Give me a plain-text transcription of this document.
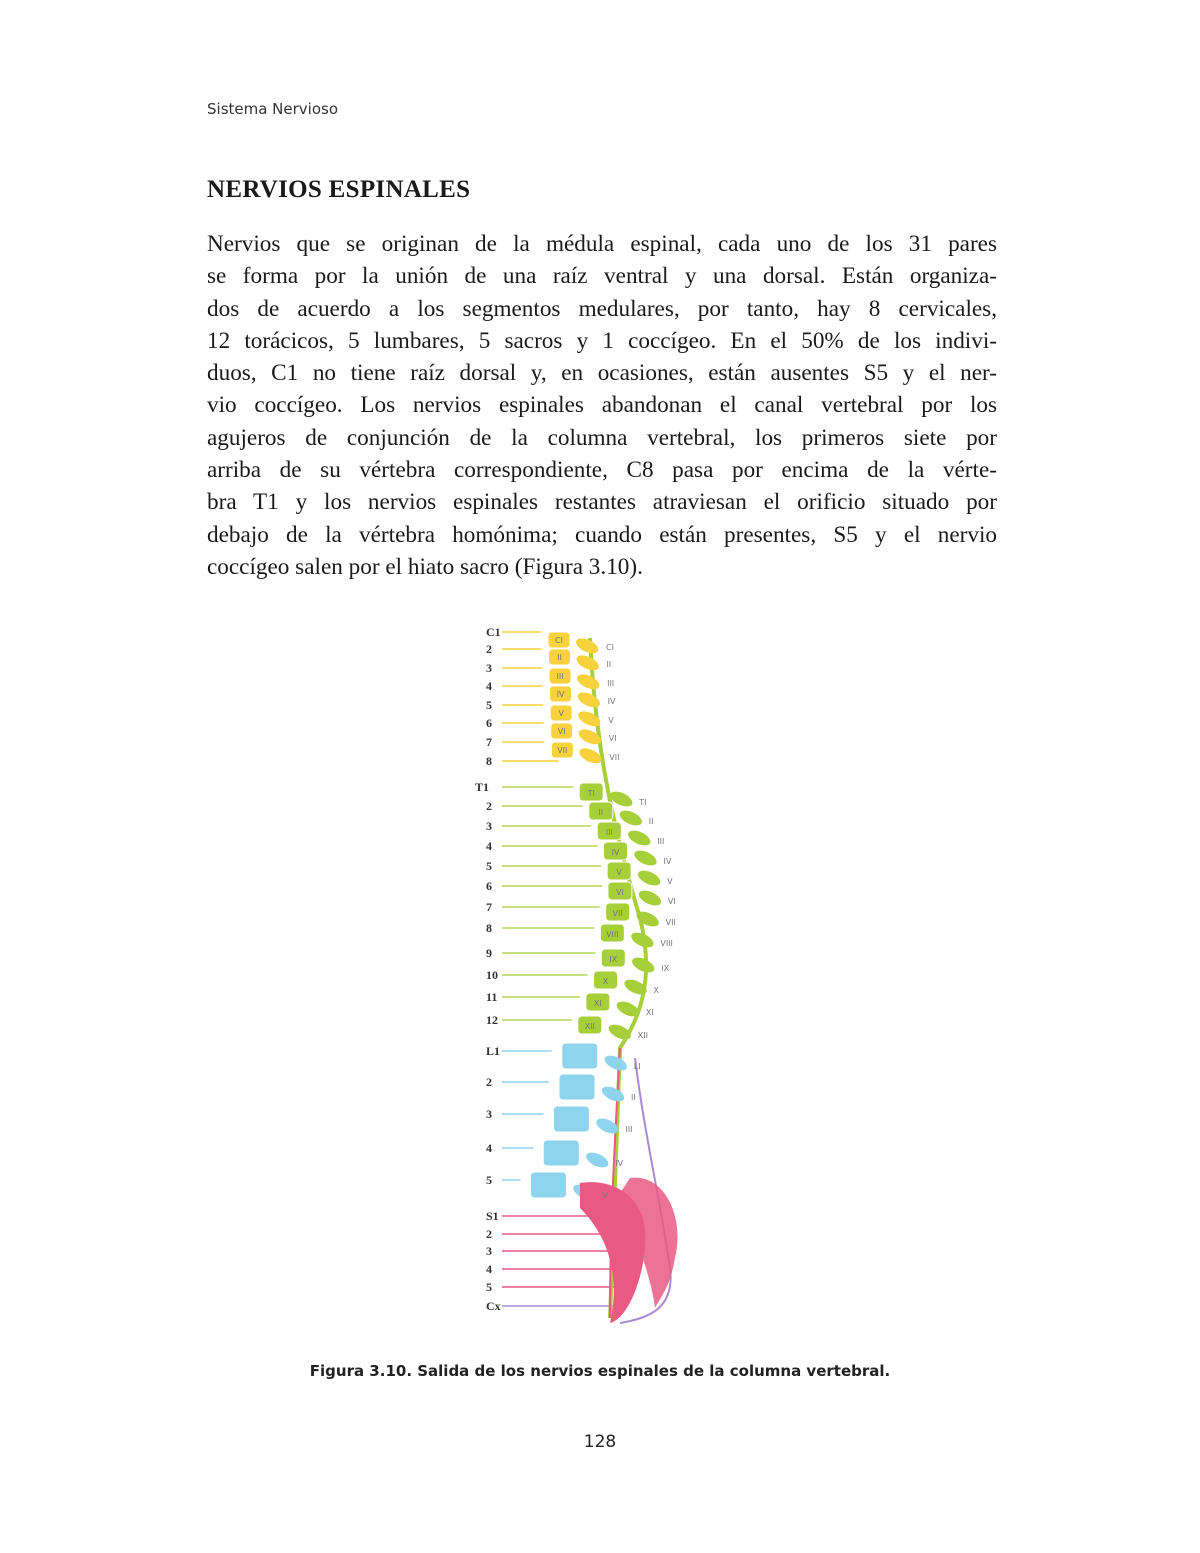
Sistema Nervioso
NERVIOS ESPINALES
Nervios que se originan de la médula espinal, cada uno de los 31 pares
se forma por la unión de una raíz ventral y una dorsal. Están organiza-
dos de acuerdo a los segmentos medulares, por tanto, hay 8 cervicales,
12 torácicos, 5 lumbares, 5 sacros y 1 coccígeo. En el 50% de los indivi-
duos, C1 no tiene raíz dorsal y, en ocasiones, están ausentes S5 y el ner-
vio coccígeo. Los nervios espinales abandonan el canal vertebral por los
agujeros de conjunción de la columna vertebral, los primeros siete por
arriba de su vértebra correspondiente, C8 pasa por encima de la vérte-
bra T1 y los nervios espinales restantes atraviesan el orificio situado por
debajo de la vértebra homónima; cuando están presentes, S5 y el nervio
coccígeo salen por el hiato sacro (Figura 3.10).
C1
2
3
4
5
6
7
8
T1
2
3
4
5
6
7
8
9
10
11
12
L1
2
3
4
5
S1
2
3
4
5
Cx
CI
CI
II
II
III
III
IV
IV
V
V
VI
VI
VII
VII
TI
TI
II
II
III
III
IV
IV
V
V
VI
VI
VII
VII
VIII
VIII
IX
IX
X
X
XI
XI
XII
XII
LI
II
III
IV
V
Figura 3.10. Salida de los nervios espinales de la columna vertebral.
128
